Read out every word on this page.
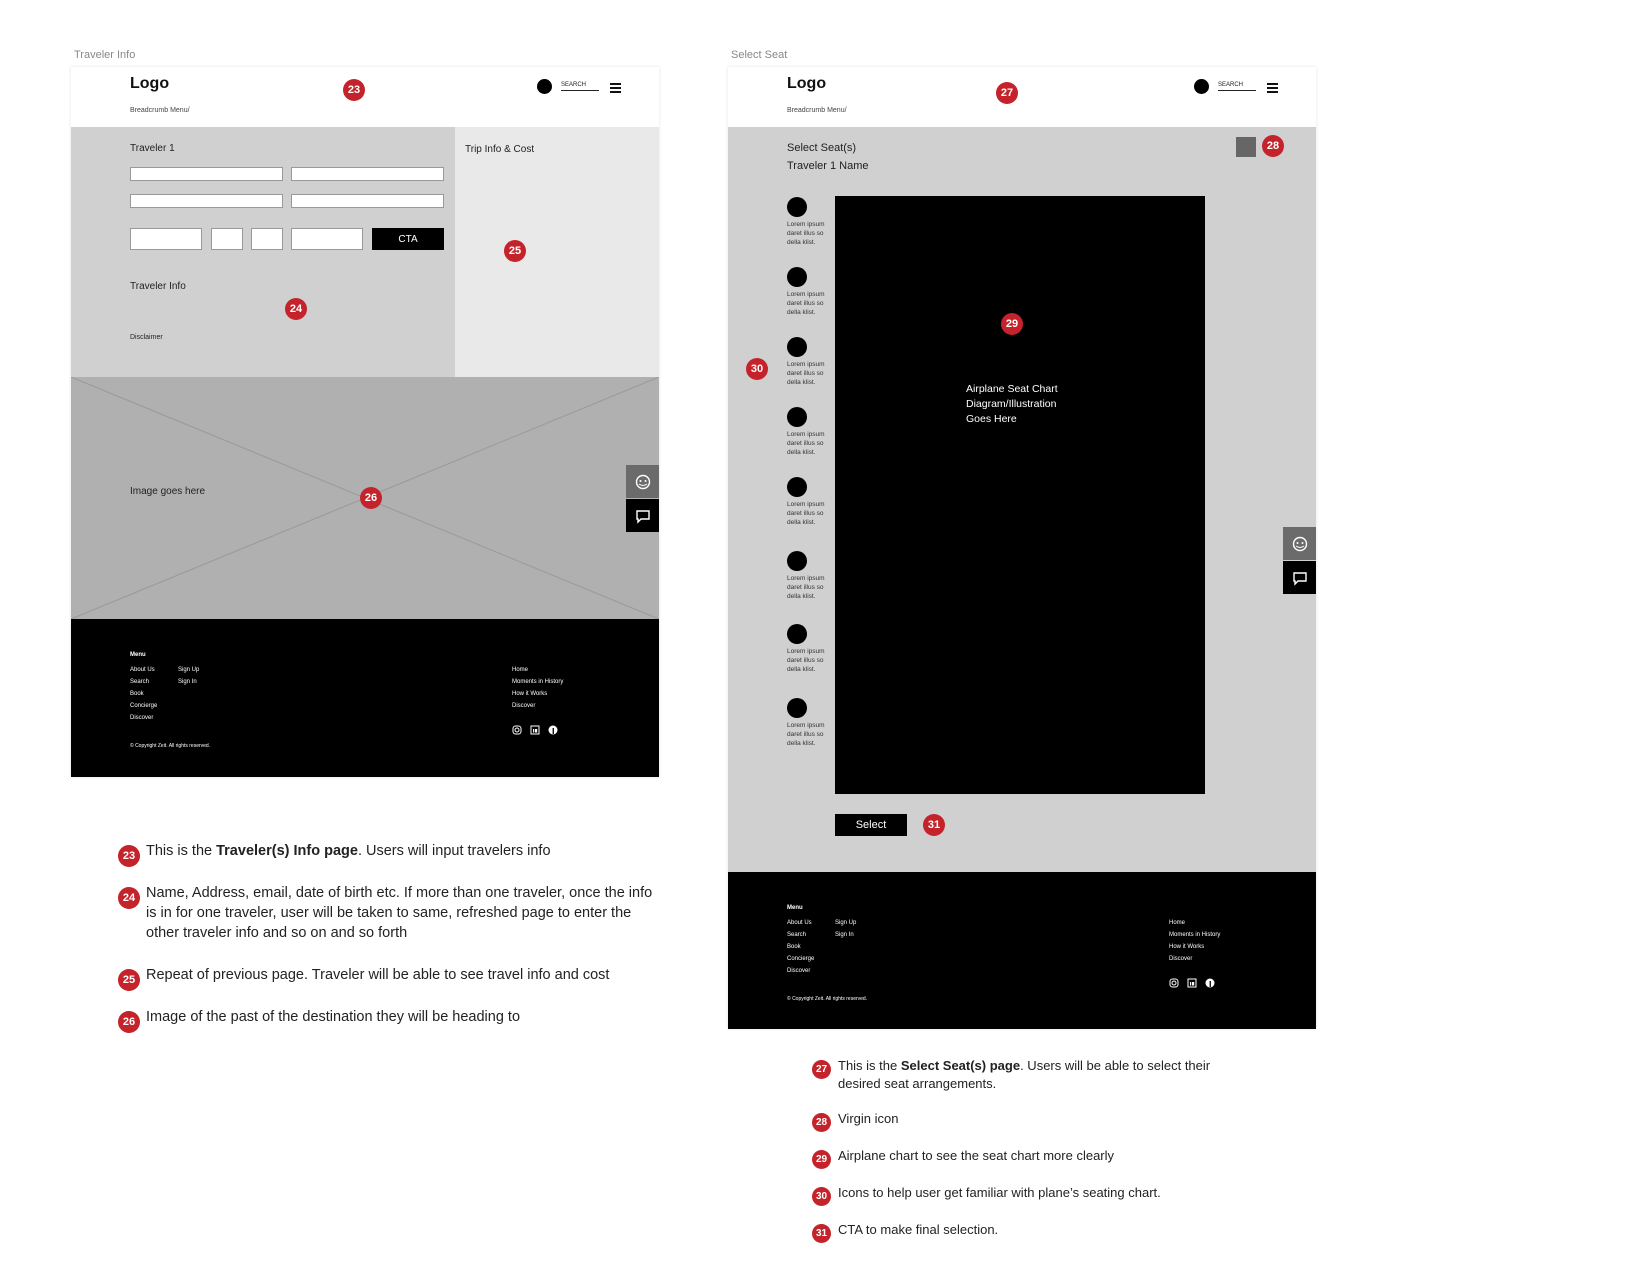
Traveler Info
Logo
Breadcrumb Menu/
23	SEARCH
Traveler 1
CTA
Traveler Info
24
Disclaimer
Trip Info & Cost
25
Image goes here
26
Menu
About Us
Search
Book
Concierge
Discover
Sign Up
Sign In
Home
Moments in History
How it Works
Discover
© Copyright Zeit. All rights reserved.
Select Seat
Logo
Breadcrumb Menu/
27
SEARCH
Select Seat(s)
Traveler 1 Name
28
30
Lorem ipsum daret illus so della klist.
Lorem ipsum daret illus so della klist.
Lorem ipsum daret illus so della klist.
Lorem ipsum daret illus so della klist.
Lorem ipsum daret illus so della klist.
Lorem ipsum daret illus so della klist.
Lorem ipsum daret illus so della klist.
Lorem ipsum daret illus so della klist.
29
Airplane Seat Chart
Diagram/Illustration
Goes Here
Select	31
Menu
About Us
Search
Book
Concierge
Discover
Sign Up
Sign In
Home
Moments in History
How it Works
Discover
© Copyright Zeit. All rights reserved.
23 This is the Traveler(s) Info page. Users will input travelers info
24 Name, Address, email, date of birth etc. If more than one traveler, once the info is in for one traveler, user will be taken to same, refreshed page to enter the other traveler info and so on and so forth
25 Repeat of previous page. Traveler will be able to see travel info and cost
26 Image of the past of the destination they will be heading to
27 This is the Select Seat(s) page. Users will be able to select their desired seat arrangements.
28 Virgin icon
29 Airplane chart to see the seat chart more clearly
30 Icons to help user get familiar with plane’s seating chart.
31 CTA to make final selection.
